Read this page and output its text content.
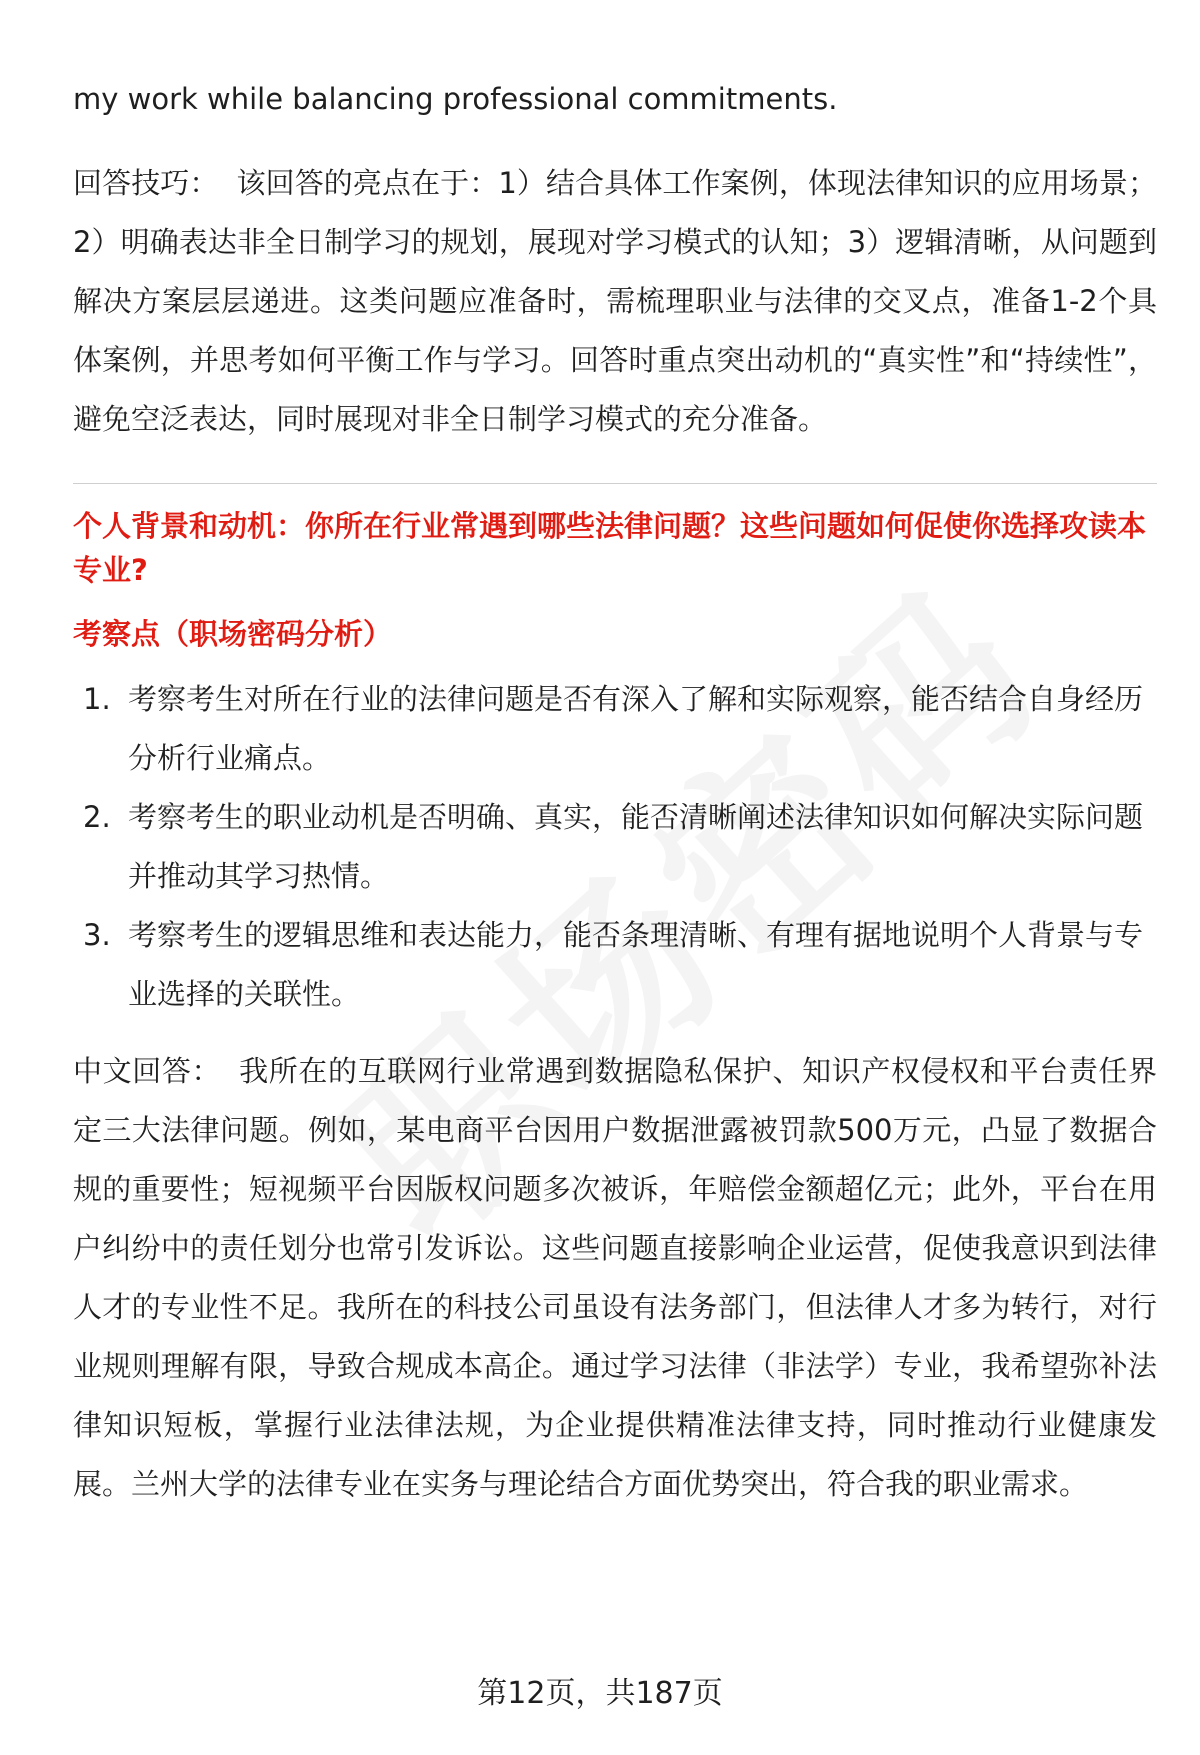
my work while balancing professional commitments.

回答技巧： 该回答的亮点在于：1）结合具体工作案例，体现法律知识的应用场景；2）明确表达非全日制学习的规划，展现对学习模式的认知；3）逻辑清晰，从问题到解决方案层层递进。这类问题应准备时，需梳理职业与法律的交叉点，准备1-2个具体案例，并思考如何平衡工作与学习。回答时重点突出动机的“真实性”和“持续性”，避免空泛表达，同时展现对非全日制学习模式的充分准备。

个人背景和动机：你所在行业常遇到哪些法律问题？这些问题如何促使你选择攻读本专业?

考察点（职场密码分析）

1. 考察考生对所在行业的法律问题是否有深入了解和实际观察，能否结合自身经历分析行业痛点。
2. 考察考生的职业动机是否明确、真实，能否清晰阐述法律知识如何解决实际问题并推动其学习热情。
3. 考察考生的逻辑思维和表达能力，能否条理清晰、有理有据地说明个人背景与专业选择的关联性。

中文回答： 我所在的互联网行业常遇到数据隐私保护、知识产权侵权和平台责任界定三大法律问题。例如，某电商平台因用户数据泄露被罚款500万元，凸显了数据合规的重要性；短视频平台因版权问题多次被诉，年赔偿金额超亿元；此外，平台在用户纠纷中的责任划分也常引发诉讼。这些问题直接影响企业运营，促使我意识到法律人才的专业性不足。我所在的科技公司虽设有法务部门，但法律人才多为转行，对行业规则理解有限，导致合规成本高企。通过学习法律（非法学）专业，我希望弥补法律知识短板，掌握行业法律法规，为企业提供精准法律支持，同时推动行业健康发展。兰州大学的法律专业在实务与理论结合方面优势突出，符合我的职业需求。

第12页，共187页
